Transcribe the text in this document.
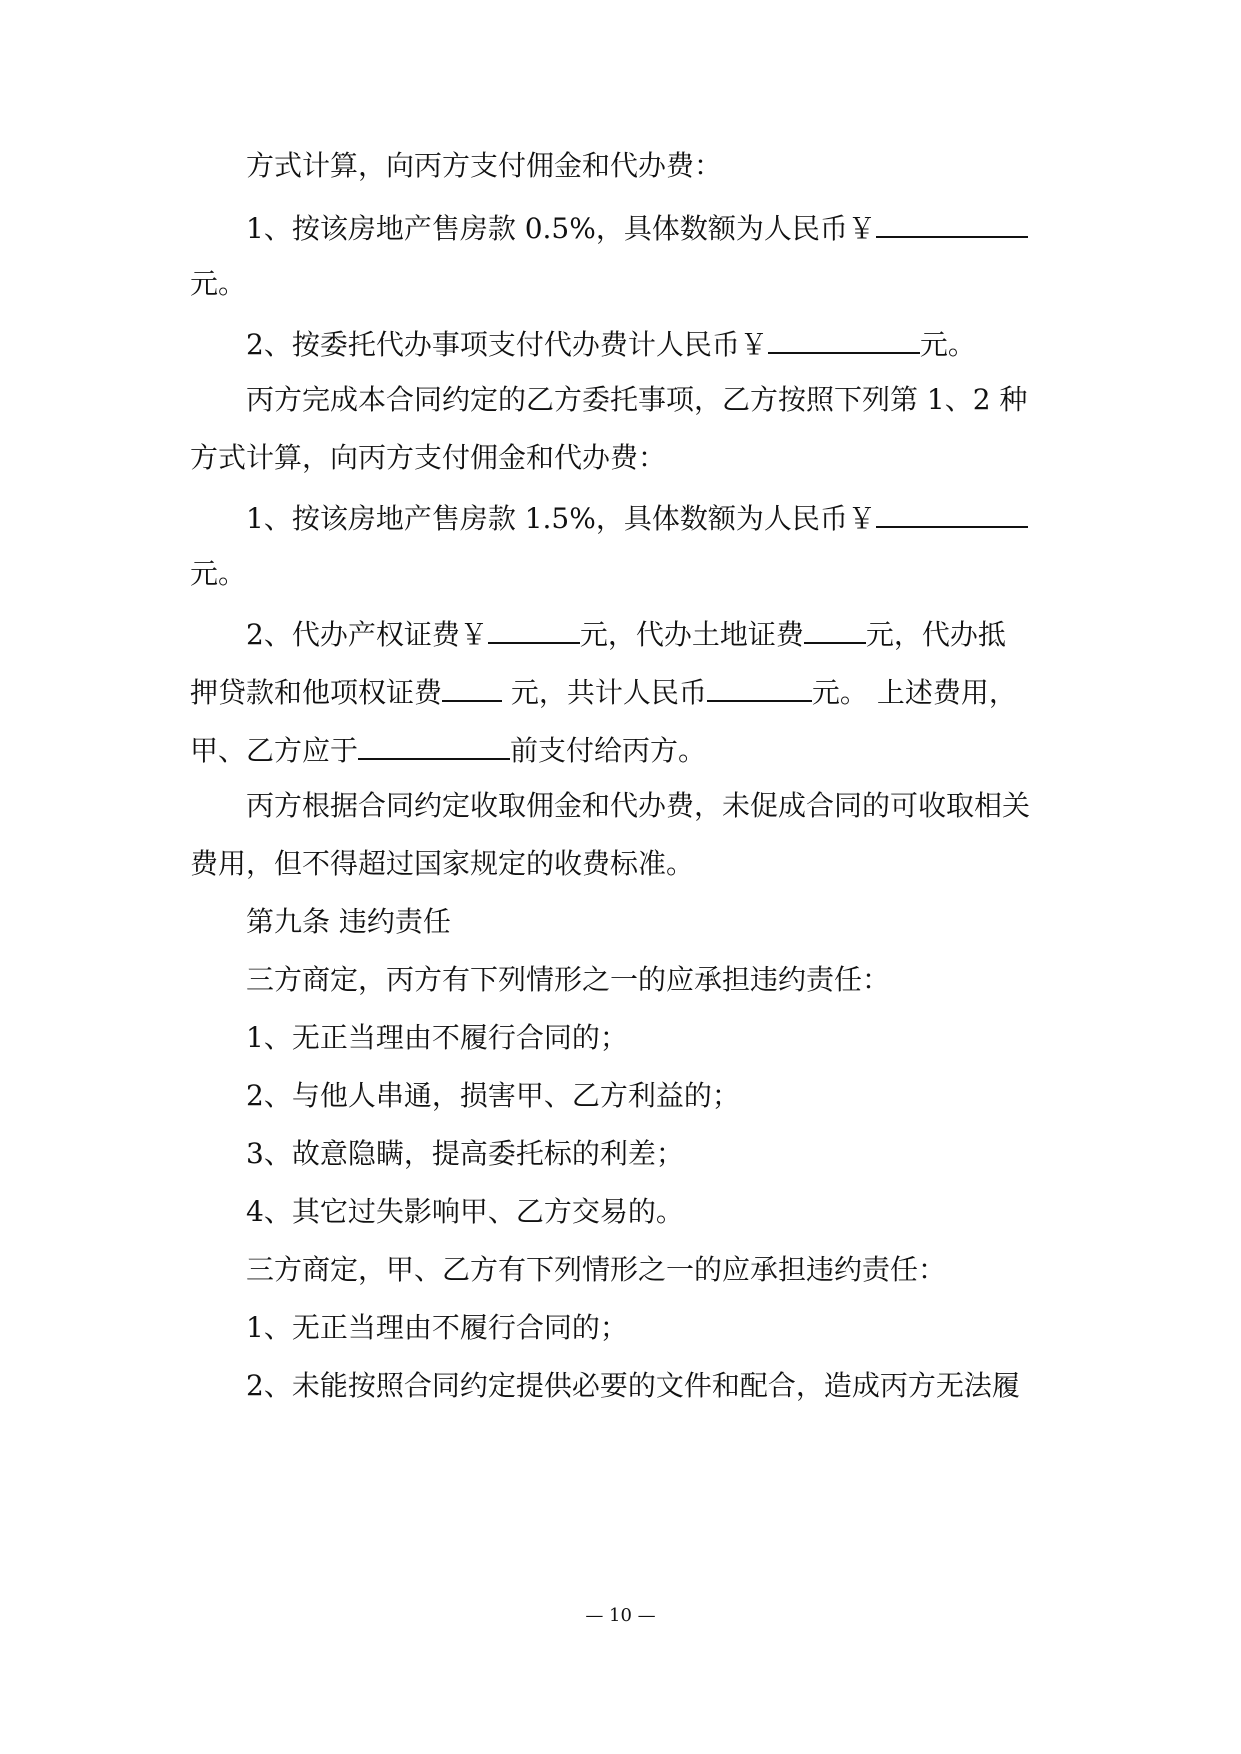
方式计算，向丙方支付佣金和代办费：
1、按该房地产售房款 0.5%，具体数额为人民币￥
元。
2、按委托代办事项支付代办费计人民币￥	元。
丙方完成本合同约定的乙方委托事项，乙方按照下列第 1、2 种
方式计算，向丙方支付佣金和代办费：
1、按该房地产售房款 1.5%，具体数额为人民币￥
元。
2、代办产权证费￥	元，代办土地证费 元，代办抵
押贷款和他项权证费 元，共计人民币	元。 上述费用，
甲、乙方应于	前支付给丙方。
丙方根据合同约定收取佣金和代办费，未促成合同的可收取相关
费用，但不得超过国家规定的收费标准。
第九条 违约责任
三方商定，丙方有下列情形之一的应承担违约责任：
1、无正当理由不履行合同的；
2、与他人串通，损害甲、乙方利益的；
3、故意隐瞒，提高委托标的利差；
4、其它过失影响甲、乙方交易的。
三方商定，甲、乙方有下列情形之一的应承担违约责任：
1、无正当理由不履行合同的；
2、未能按照合同约定提供必要的文件和配合，造成丙方无法履
— 10 —
